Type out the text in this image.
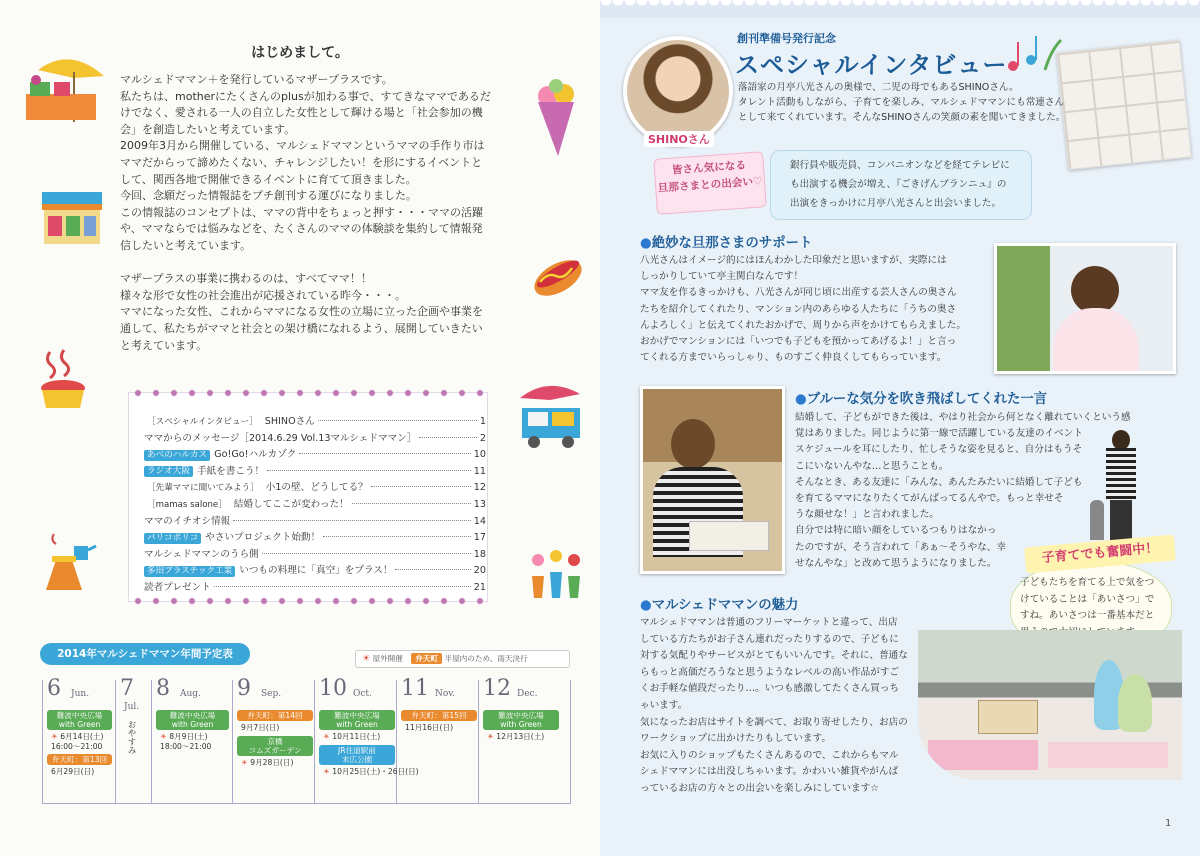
はじめまして。
マルシェドママン＋を発行しているマザープラスです。
私たちは、motherにたくさんのplusが加わる事で、すてきなママであるだ
けでなく、愛される一人の自立した女性として輝ける場と「社会参加の機
会」を創造したいと考えています。
2009年3月から開催している、マルシェドママンというママの手作り市は
ママだからって諦めたくない、チャレンジしたい！を形にするイベントと
して、関西各地で開催できるイベントに育てて頂きました。
今回、念願だった情報誌をプチ創刊する運びになりました。
この情報誌のコンセプトは、ママの背中をちょっと押す・・・ママの活躍
や、ママならでは悩みなどを、たくさんのママの体験談を集約して情報発
信したいと考えています。
マザープラスの事業に携わるのは、すべてママ！！
様々な形で女性の社会進出が応援されている昨今・・・。
ママになった女性、これからママになる女性の立場に立った企画や事業を
通して、私たちがママと社会との架け橋になれるよう、展開していきたい
と考えています。
［スペシャルインタビュー］ SHINOさん	1
ママからのメッセージ［2014.6.29 Vol.13マルシェドママン］	2
あべのハルカス Go!Go!ハルカゾク	10
ラジオ大阪 手紙を書こう！	11
［先輩ママに聞いてみよう］ 小1の壁、どうしてる？	12
［mamas salone］ 結婚してここが変わった！	13
ママのイチオシ情報	14
パリコポリコ やさいプロジェクト始動！	17
マルシェドママンのうら側	18
多田プラスチック工業 いつもの料理に「真空」をプラス！	20
読者プレゼント	21
2014年マルシェドママン年間予定表	☀ 屋外開催 弁天町 半屋内のため、雨天決行
6 Jun.
難波中央広場
with Green
☀ 6月14日(土)
16:00～21:00
弁天町：第13回
6月29日(日)
7
Jul.
おやすみ
8 Aug.
難波中央広場
with Green
☀ 8月9日(土)
18:00～21:00
9 Sep.
弁天町：第14回
9月7日(日)
京橋
コムズガーデン
☀ 9月28日(日)
10 Oct.
難波中央広場
with Green
☀ 10月11日(土)
JR住道駅前
末広公園
☀ 10月25日(土)・26日(日)
11 Nov.
弁天町：第15回
11月16日(日)
12 Dec.
難波中央広場
with Green
☀ 12月13日(土)
SHINOさん
創刊準備号発行記念
スペシャルインタビュー
落語家の月亭八光さんの奥様で、二児の母でもあるSHINOさん。
タレント活動もしながら、子育てを楽しみ、マルシェドママンにも常連さん
として来てくれています。そんなSHINOさんの笑顔の素を聞いてきました。
皆さん気になる
旦那さまとの出会い♡
銀行員や販売員、コンパニオンなどを経てテレビに
も出演する機会が増え、『ごきげんブランニュ』の
出演をきっかけに月亭八光さんと出会いました。
●絶妙な旦那さまのサポート
八光さんはイメージ的にはほんわかした印象だと思いますが、実際には
しっかりしていて亭主関白なんです！
ママ友を作るきっかけも、八光さんが同じ頃に出産する芸人さんの奥さん
たちを紹介してくれたり、マンション内のあらゆる人たちに「うちの奥さ
んよろしく」と伝えてくれたおかげで、周りから声をかけてもらえました。
おかげでマンションには「いつでも子どもを預かってあげるよ！」と言っ
てくれる方までいらっしゃり、ものすごく仲良くしてもらっています。
●ブルーな気分を吹き飛ばしてくれた一言
結婚して、子どもができた後は、やはり社会から何となく離れていくという感
覚はありました。同じように第一線で活躍している友達のイベント
スケジュールを耳にしたり、忙しそうな姿を見ると、自分はもうそ
こにいないんやな…と思うことも。
そんなとき、ある友達に「みんな、あんたみたいに結婚して子ども
を育てるママになりたくてがんばってるんやで。もっと幸せそ
うな顔せな！」と言われました。
自分では特に暗い顔をしているつもりはなかっ
たのですが、そう言われて「あぁ～そうやな、幸
せなんやな」と改めて思うようになりました。	子育てでも奮闘中！
子どもたちを育てる上で気をつ
けていることは「あいさつ」で
すね。あいさつは一番基本だと
●マルシェドママンの魅力
マルシェドママンは普通のフリーマーケットと違って、出店
している方たちがお子さん連れだったりするので、子どもに
対する気配りやサービスがとてもいいんです。それに、普通な
らもっと高価だろうなと思うようなレベルの高い作品がすご
くお手軽な値段だったり…。いつも感激してたくさん買っち
ゃいます。
気になったお店はサイトを調べて、お取り寄せしたり、お店の
ワークショップに出かけたりもしています。
お気に入りのショップもたくさんあるので、これからもマル
シェドママンには出没しちゃいます。かわいい雑貨やがんば
っているお店の方々との出会いを楽しみにしています☆
1
